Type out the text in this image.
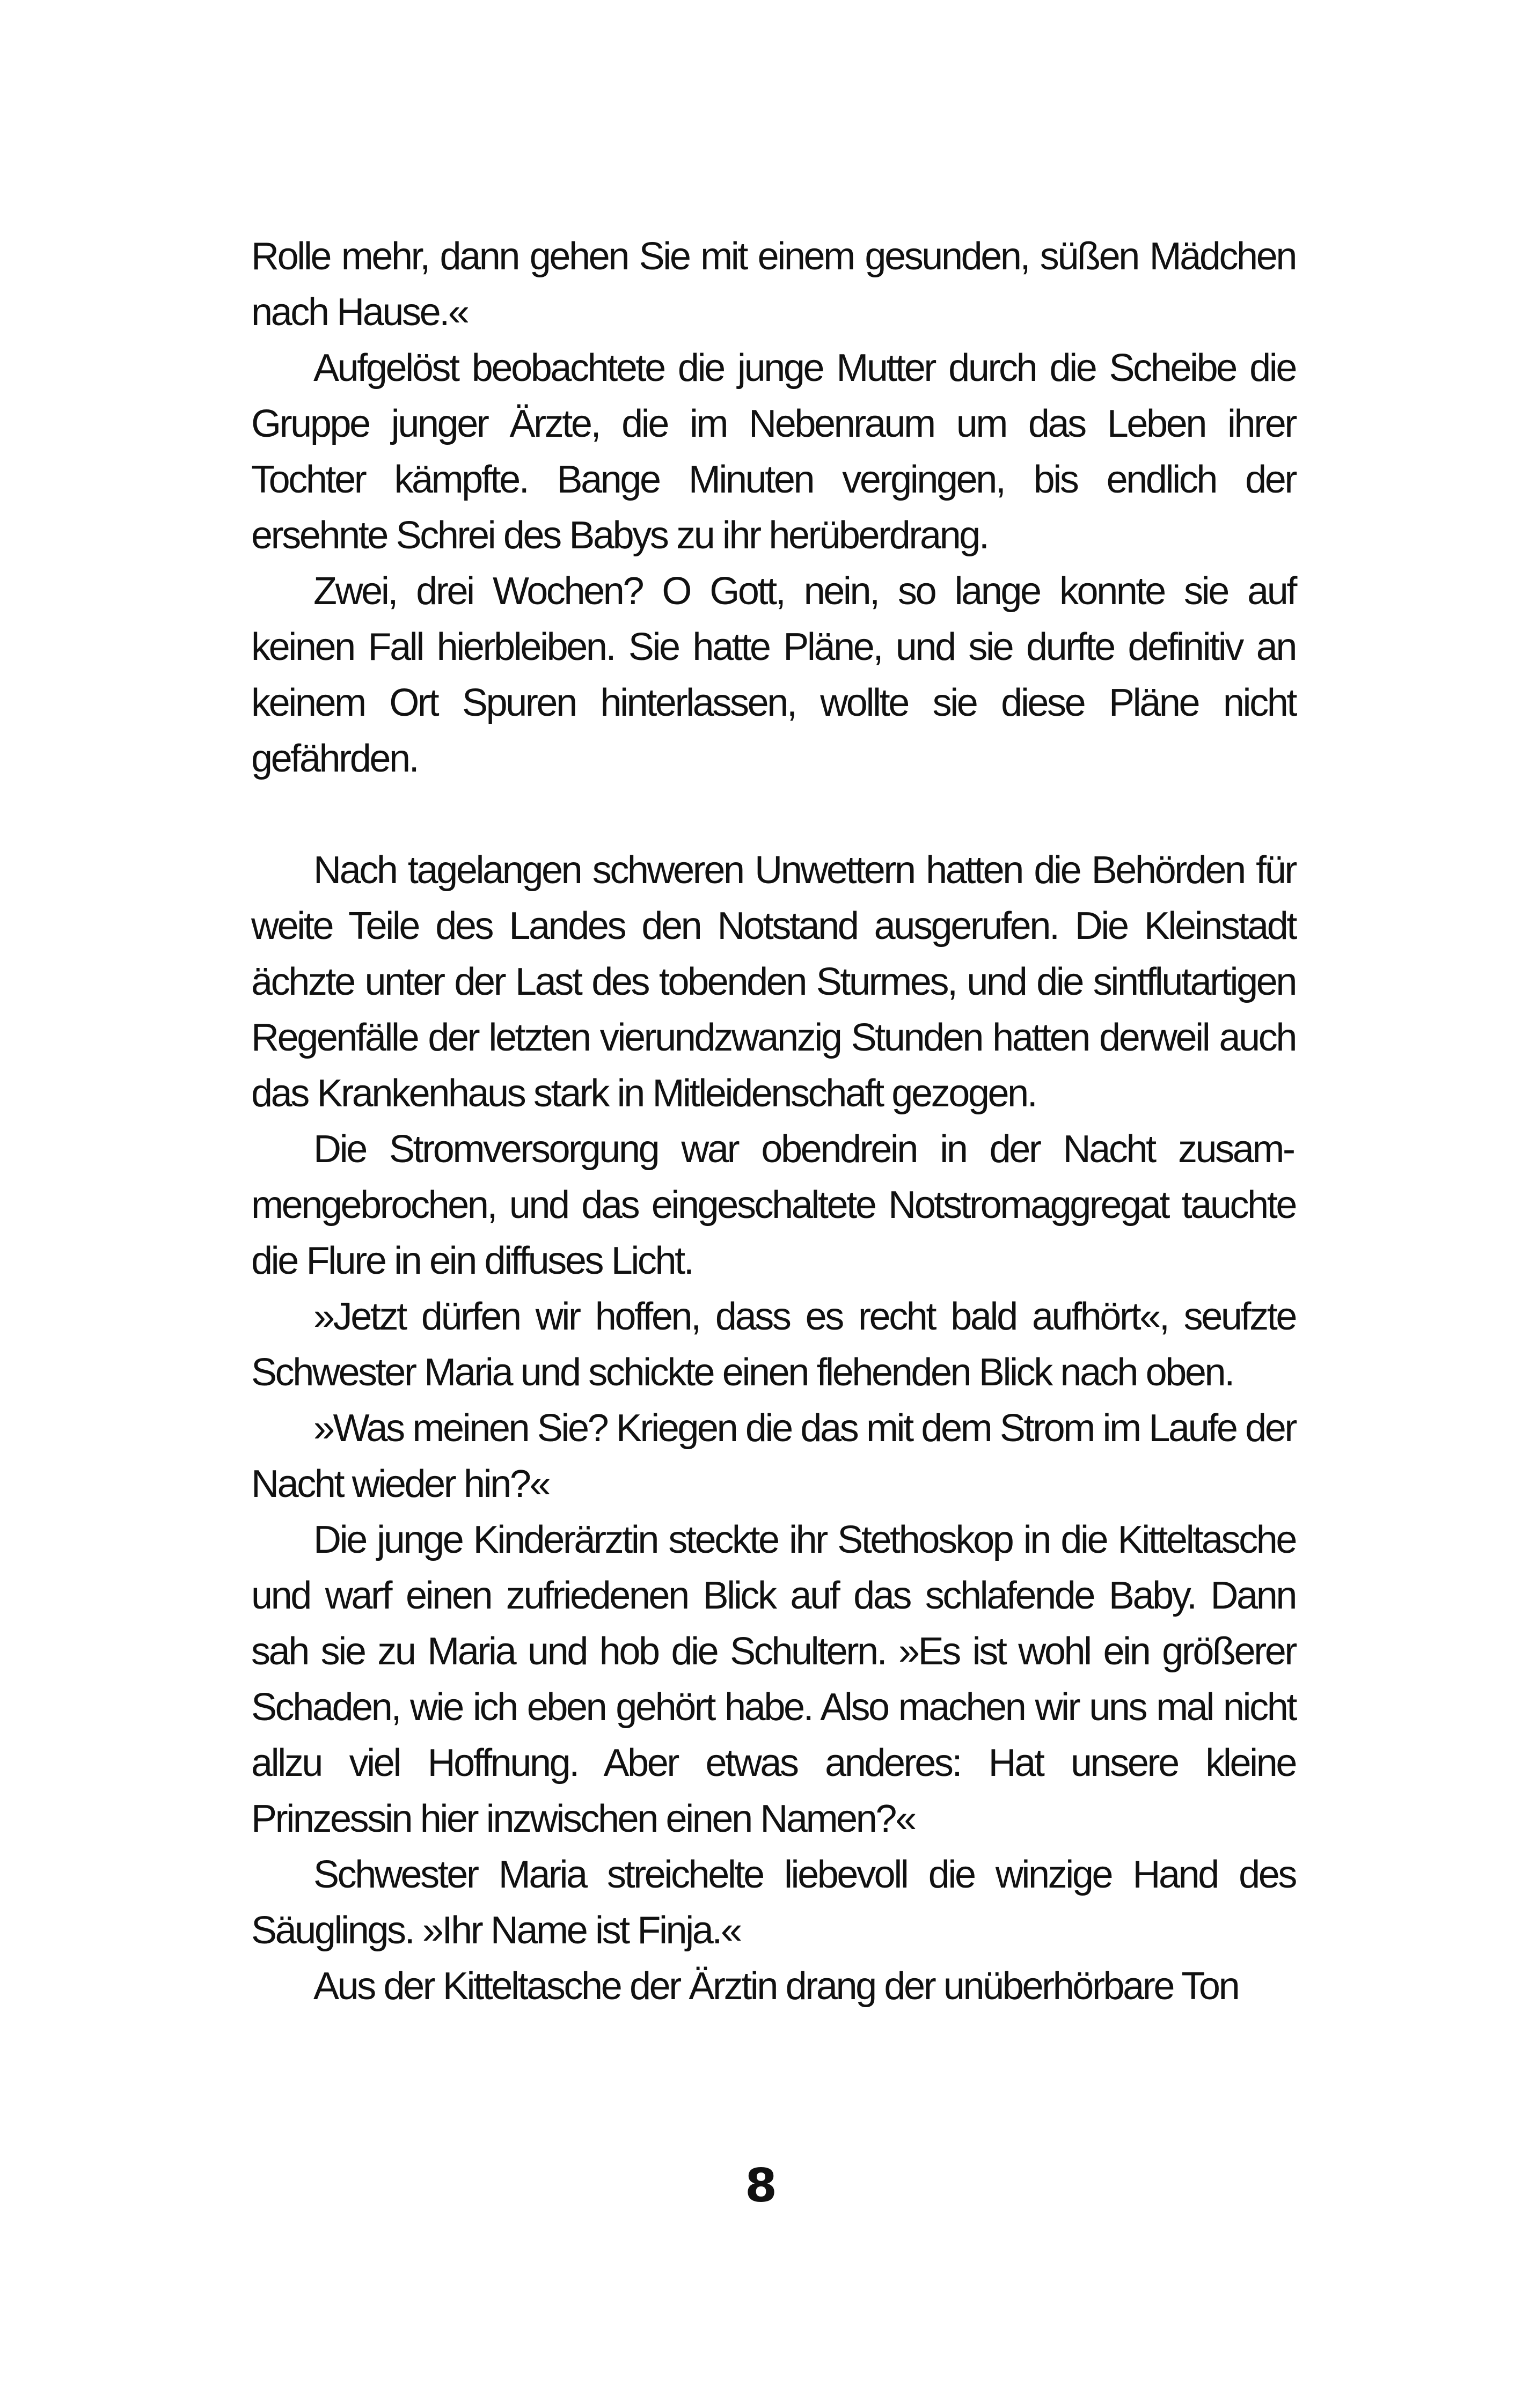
Rolle mehr, dann gehen Sie mit einem gesunden, süßen Mädchen nach Hause.«

Aufgelöst beobachtete die junge Mutter durch die Scheibe die Gruppe junger Ärzte, die im Nebenraum um das Leben ihrer Tochter kämpfte. Bange Minuten vergingen, bis endlich der ersehnte Schrei des Babys zu ihr herüberdrang.

Zwei, drei Wochen? O Gott, nein, so lange konnte sie auf keinen Fall hierbleiben. Sie hatte Pläne, und sie durfte definitiv an keinem Ort Spuren hinterlassen, wollte sie diese Pläne nicht gefährden.

Nach tagelangen schweren Unwettern hatten die Behörden für weite Teile des Landes den Notstand ausgerufen. Die Kleinstadt ächzte unter der Last des tobenden Sturmes, und die sintflutartigen Regenfälle der letzten vierundzwanzig Stunden hatten derweil auch das Krankenhaus stark in Mitleidenschaft gezogen.

Die Stromversorgung war obendrein in der Nacht zusammengebrochen, und das eingeschaltete Notstromaggregat tauchte die Flure in ein diffuses Licht.

»Jetzt dürfen wir hoffen, dass es recht bald aufhört«, seufzte Schwester Maria und schickte einen flehenden Blick nach oben.

»Was meinen Sie? Kriegen die das mit dem Strom im Laufe der Nacht wieder hin?«

Die junge Kinderärztin steckte ihr Stethoskop in die Kitteltasche und warf einen zufriedenen Blick auf das schlafende Baby. Dann sah sie zu Maria und hob die Schultern. »Es ist wohl ein größerer Schaden, wie ich eben gehört habe. Also machen wir uns mal nicht allzu viel Hoffnung. Aber etwas anderes: Hat unsere kleine Prinzessin hier inzwischen einen Namen?«

Schwester Maria streichelte liebevoll die winzige Hand des Säuglings. »Ihr Name ist Finja.«

Aus der Kitteltasche der Ärztin drang der unüberhörbare Ton

8
